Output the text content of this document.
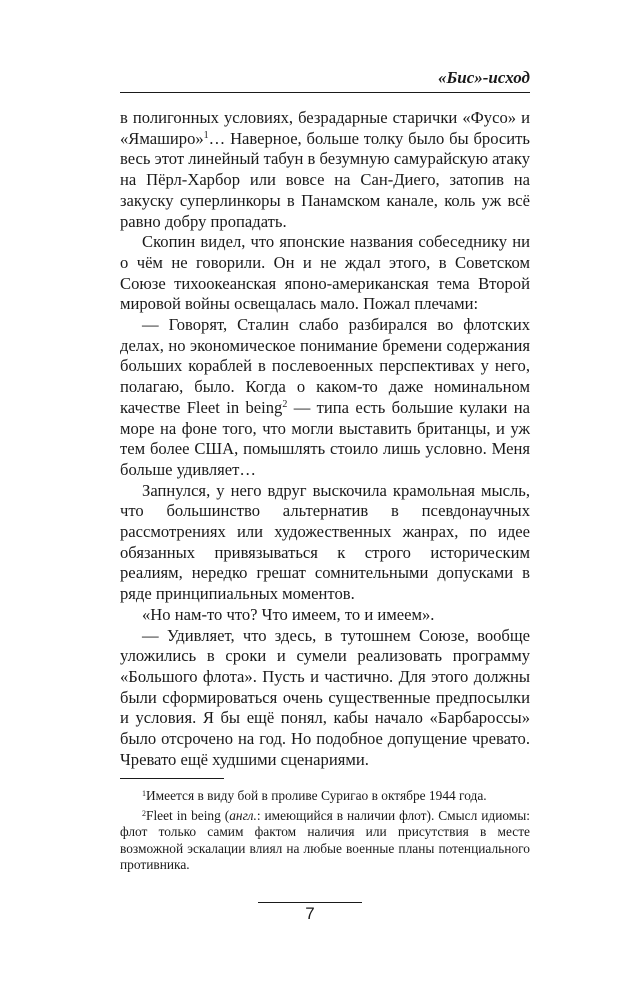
«Бис»-исход

в полигонных условиях, безрадарные старички «Фусо» и «Ямаширо»$^1$… Наверное, больше толку было бы бросить весь этот линейный табун в безумную самурайскую атаку на Пёрл-Харбор или вовсе на Сан-Диего, затопив на закуску суперлинкоры в Панамском канале, коль уж всё равно добру пропадать.

Скопин видел, что японские названия собеседнику ни о чём не говорили. Он и не ждал этого, в Советском Союзе тихоокеанская японо-американская тема Второй мировой войны освещалась мало. Пожал плечами:

— Говорят, Сталин слабо разбирался во флотских делах, но экономическое понимание бремени содержания больших кораблей в послевоенных перспективах у него, полагаю, было. Когда о каком-то даже номинальном качестве Fleet in being$^2$ — типа есть большие кулаки на море на фоне того, что могли выставить британцы, и уж тем более США, помышлять стоило лишь условно. Меня больше удивляет…

Запнулся, у него вдруг выскочила крамольная мысль, что большинство альтернатив в псевдонаучных рассмотрениях или художественных жанрах, по идее обязанных привязываться к строго историческим реалиям, нередко грешат сомнительными допусками в ряде принципиальных моментов.

«Но нам-то что? Что имеем, то и имеем».

— Удивляет, что здесь, в тутошнем Союзе, вообще уложились в сроки и сумели реализовать программу «Большого флота». Пусть и частично. Для этого должны были сформироваться очень существенные предпосылки и условия. Я бы ещё понял, кабы начало «Барбароссы» было отсрочено на год. Но подобное допущение чревато. Чревато ещё худшими сценариями.

$^1$Имеется в виду бой в проливе Суригао в октябре 1944 года.

$^2$Fleet in being (англ.: имеющийся в наличии флот). Смысл идиомы: флот только самим фактом наличия или присутствия в месте возможной эскалации влиял на любые военные планы потенциального противника.

7
